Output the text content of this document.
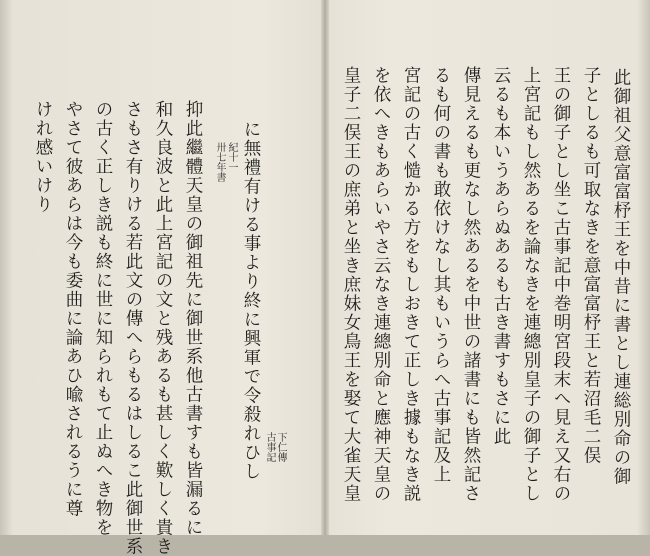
此御祖父意富富杼王を中昔に書とし連総別命の御
子としるも可取なきを意富富杼王と若沼毛二俣
王の御子とし坐こ古事記中巻明宮段末へ見え又右の
上宮記もし然あるを論なきを連總別皇子の御子とし
云るも本いうあらぬあるも古き書すもさに此
傳見えるも更なし然あるを中世の諸書にも皆然記さ
るも何の書も敢依けなし其もいうらへ古事記及上
宮記の古く慥かる方をもしおきて正しき據もなき説
を依へきもあらいやさ云なき連總別命と應神天皇の
皇子二俣王の庶弟と坐き庶妹女鳥王を娶て大雀天皇
に無禮有ける事より終に興軍で令殺れひし 古事記 下仁傳
卅七年書 紀十一
抑此繼體天皇の御祖先に御世系他古書すも皆漏るに
和久良波と此上宮記の文と残あるも甚しく歎しく貴き
さもさ有りける若此文の傳へらもるはしるこ此御世系
の古く正しき説も終に世に知られもて止ぬへき物を
やさて彼あらは今も委曲に論あひ喩されるうに尊
けれ感いけり
